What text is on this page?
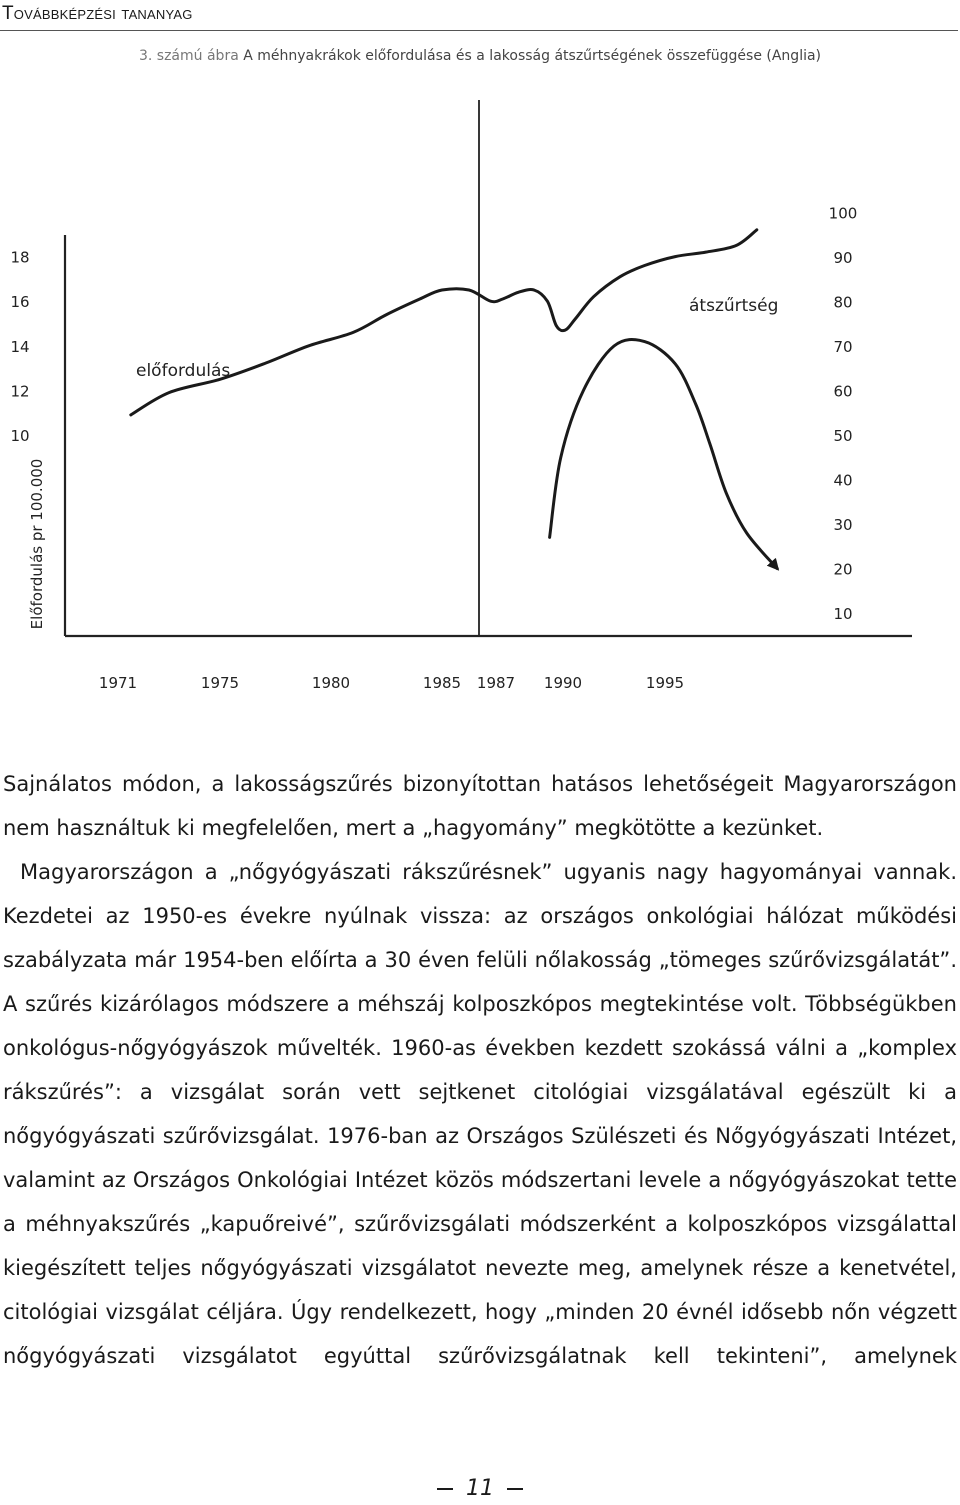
Továbbképzési tananyag
3. számú ábra A méhnyakrákok előfordulása és a lakosság átszűrtségének összefüggése (Anglia)
10
12
14
16
18
10
20
30
40
50
60
70
80
90
100
1971	1975	1980	1985 1987 1990	1995
Előfordulás pr 100.000
előfordulás
átszűrtség

Sajnálatos módon, a lakosságszűrés bizonyítottan hatásos lehetőségeit Magyarországon nem használtuk ki megfelelően, mert a „hagyomány” megkötötte a kezünket.

Magyarországon a „nőgyógyászati rákszűrésnek” ugyanis nagy hagyományai vannak. Kezdetei az 1950-es évekre nyúlnak vissza: az országos onkológiai hálózat működési szabályzata már 1954-ben előírta a 30 éven felüli nőlakosság „tömeges szűrővizsgálatát”. A szűrés kizárólagos módszere a méhszáj kolposzkópos megtekintése volt. Többségükben onkológus-nőgyógyászok művelték. 1960-as években kezdett szokássá válni a „komplex rákszűrés”: a vizsgálat során vett sejtkenet citológiai vizsgálatával egészült ki a nőgyógyászati szűrővizsgálat. 1976-ban az Országos Szülészeti és Nőgyógyászati Intézet, valamint az Országos Onkológiai Intézet közös módszertani levele a nőgyógyászokat tette a méhnyakszűrés „kapuőreivé”, szűrővizsgálati módszerként a kolposzkópos vizsgálattal kiegészített teljes nőgyógyászati vizsgálatot nevezte meg, amelynek része a kenetvétel, citológiai vizsgálat céljára. Úgy rendelkezett, hogy „minden 20 évnél idősebb nőn végzett nőgyógyászati vizsgálatot egyúttal szűrővizsgálatnak kell tekinteni”, amelynek

11
